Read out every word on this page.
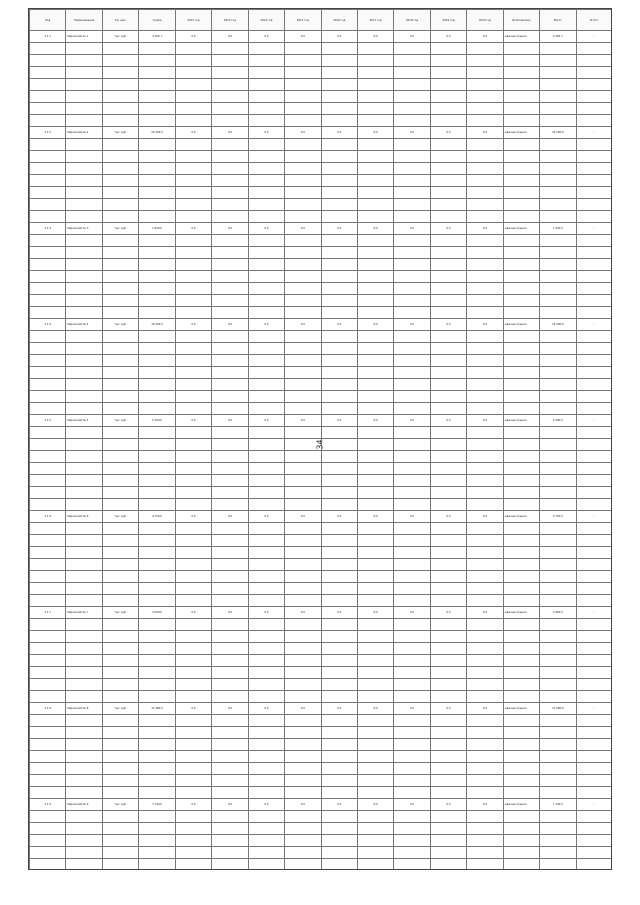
34
Код	Наименование	Ед. изм.	Сумма	2012 год	2013 год	2014 год	2015 год	2016 год	2017 год	2018 год	2019 год	2020 год	Исполнитель	Всего	Итого
1.1.1	Мероприятие 1	тыс. руб.	4 285,7	0,0	0,0	0,0	0,0	0,0	0,0	0,0	0,0	0,0	Администрация	4 285,7	–

1.1.2	Мероприятие 2	тыс. руб.	22 200,0	0,0	0,0	0,0	0,0	0,0	0,0	0,0	0,0	0,0	Администрация	22 200,0	–

1.1.3	Мероприятие 3	тыс. руб.	1 920,0	0,0	0,0	0,0	0,0	0,0	0,0	0,0	0,0	0,0	Администрация	1 920,0	–

1.1.4	Мероприятие 4	тыс. руб.	18 300,0	0,0	0,0	0,0	0,0	0,0	0,0	0,0	0,0	0,0	Администрация	18 300,0	–

1.1.5	Мероприятие 5	тыс. руб.	5 400,0	0,0	0,0	0,0	0,0	0,0	0,0	0,0	0,0	0,0	Администрация	5 400,0	–

1.1.6	Мероприятие 6	тыс. руб.	9 750,0	0,0	0,0	0,0	0,0	0,0	0,0	0,0	0,0	0,0	Администрация	9 750,0	–

1.1.7	Мероприятие 7	тыс. руб.	3 060,0	0,0	0,0	0,0	0,0	0,0	0,0	0,0	0,0	0,0	Администрация	3 060,0	–

1.1.8	Мероприятие 8	тыс. руб.	12 480,0	0,0	0,0	0,0	0,0	0,0	0,0	0,0	0,0	0,0	Администрация	12 480,0	–

1.1.9	Мероприятие 9	тыс. руб.	7 140,0	0,0	0,0	0,0	0,0	0,0	0,0	0,0	0,0	0,0	Администрация	7 140,0	–
